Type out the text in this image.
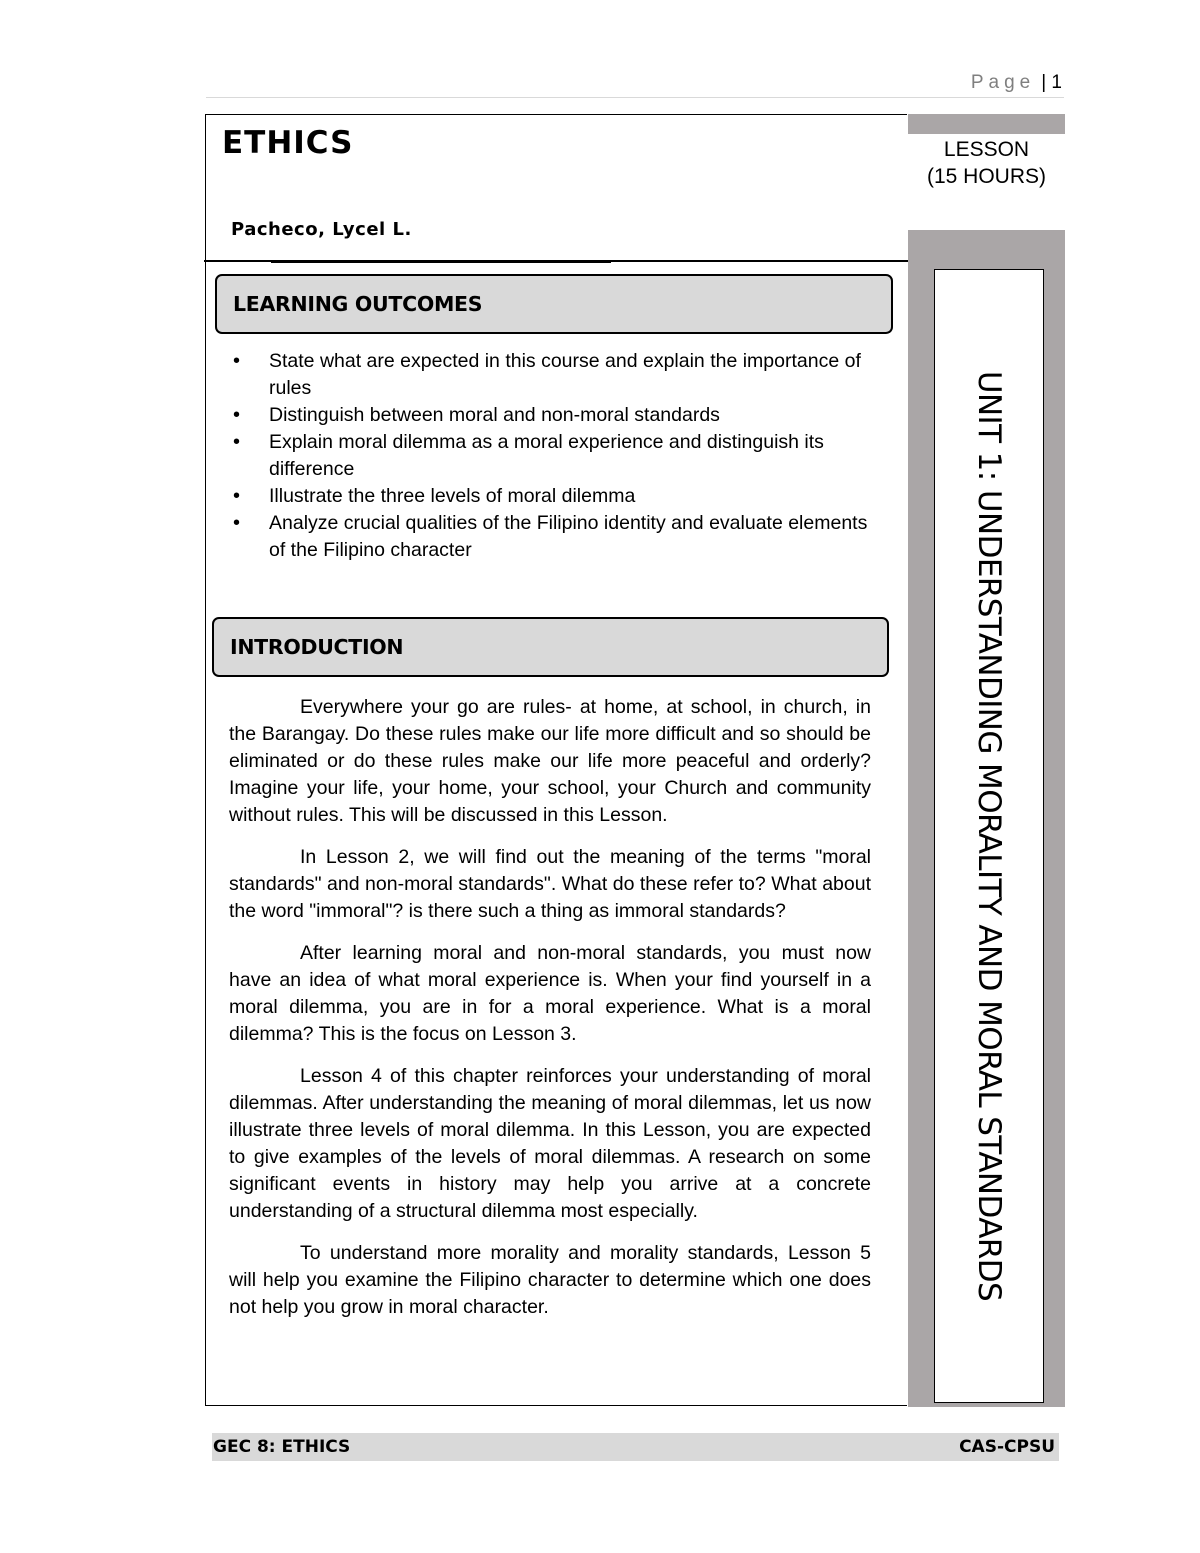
Page | 1
ETHICS
Pacheco, Lycel L.
LEARNING OUTCOMES
• State what are expected in this course and explain the importance of rules
• Distinguish between moral and non-moral standards
• Explain moral dilemma as a moral experience and distinguish its difference
• Illustrate the three levels of moral dilemma
• Analyze crucial qualities of the Filipino identity and evaluate elements of the Filipino character
INTRODUCTION

Everywhere your go are rules- at home, at school, in church, in the Barangay. Do these rules make our life more difficult and so should be eliminated or do these rules make our life more peaceful and orderly? Imagine your life, your home, your school, your Church and community without rules. This will be discussed in this Lesson.

In Lesson 2, we will find out the meaning of the terms "moral standards" and non-moral standards". What do these refer to? What about the word "immoral"? is there such a thing as immoral standards?

After learning moral and non-moral standards, you must now have an idea of what moral experience is. When your find yourself in a moral dilemma, you are in for a moral experience. What is a moral dilemma? This is the focus on Lesson 3.

Lesson 4 of this chapter reinforces your understanding of moral dilemmas. After understanding the meaning of moral dilemmas, let us now illustrate three levels of moral dilemma. In this Lesson, you are expected to give examples of the levels of moral dilemmas. A research on some significant events in history may help you arrive at a concrete understanding of a structural dilemma most especially.

To understand more morality and morality standards, Lesson 5 will help you examine the Filipino character to determine which one does not help you grow in moral character.

LESSON
(15 HOURS)
UNIT 1: UNDERSTANDING MORALITY AND MORAL STANDARDS
GEC 8: ETHICS	CAS-CPSU
